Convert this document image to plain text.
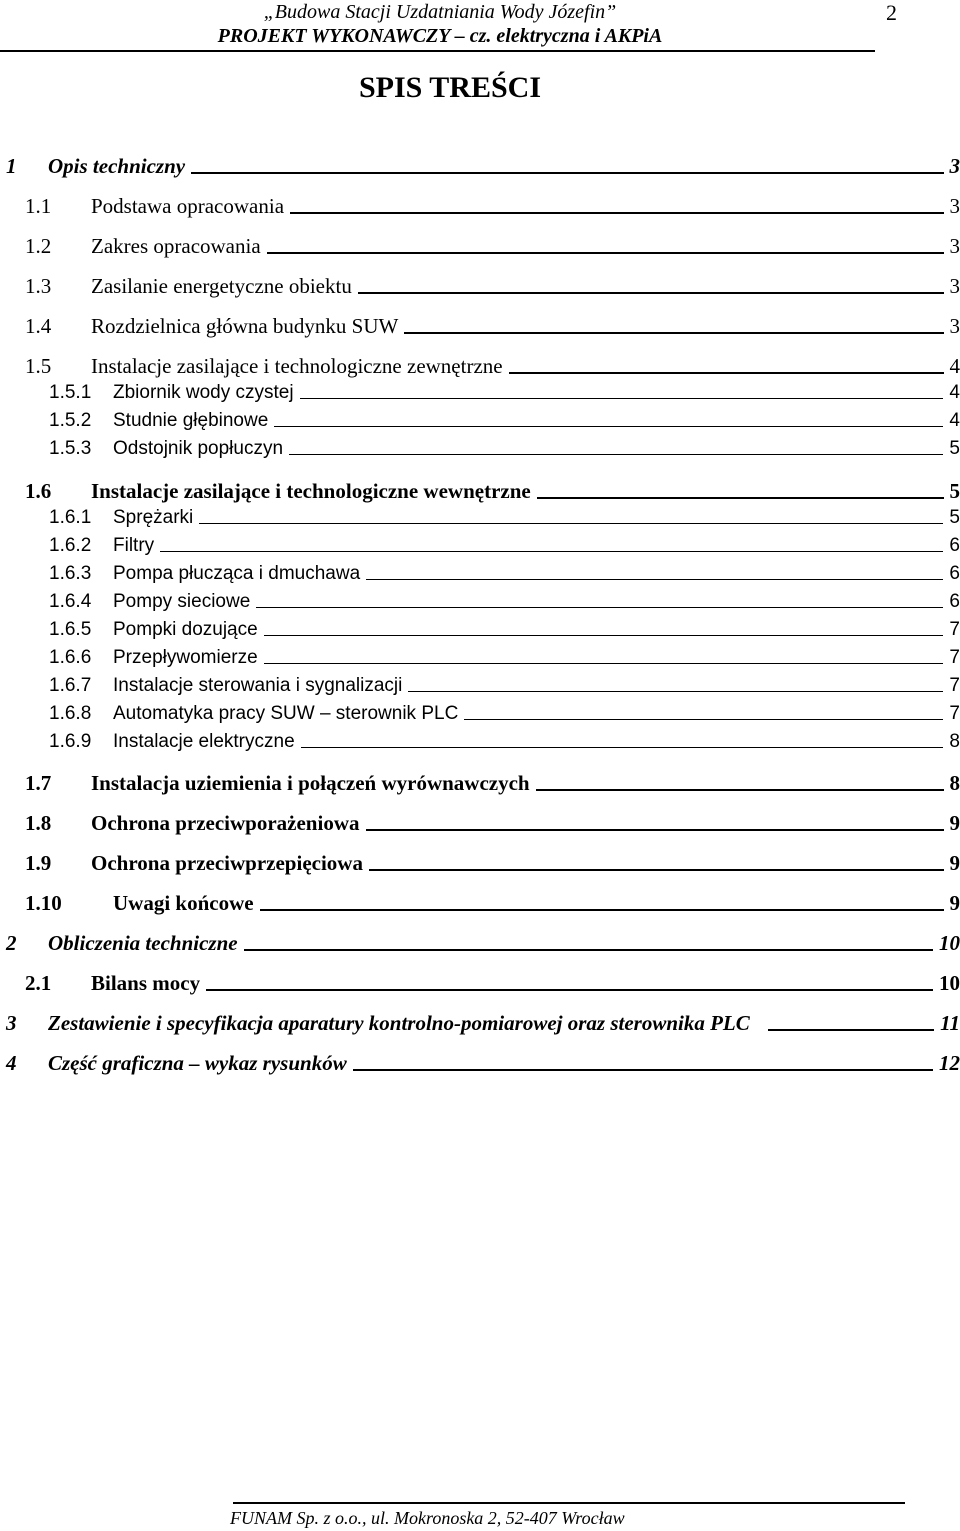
„Budowa Stacji Uzdatniania Wody Józefin”
PROJEKT WYKONAWCZY – cz. elektryczna i AKPiA
2
SPIS TREŚCI
1	Opis techniczny	3
1.1	Podstawa opracowania	3
1.2	Zakres opracowania	3
1.3	Zasilanie energetyczne obiektu	3
1.4	Rozdzielnica główna budynku SUW	3
1.5	Instalacje zasilające i technologiczne zewnętrzne	4
1.5.1	Zbiornik wody czystej	4
1.5.2	Studnie głębinowe	4
1.5.3	Odstojnik popłuczyn	5
1.6	Instalacje zasilające i technologiczne wewnętrzne	5
1.6.1	Sprężarki	5
1.6.2	Filtry	6
1.6.3	Pompa płucząca i dmuchawa	6
1.6.4	Pompy sieciowe	6
1.6.5	Pompki dozujące	7
1.6.6	Przepływomierze	7
1.6.7	Instalacje sterowania i sygnalizacji	7
1.6.8	Automatyka pracy SUW – sterownik PLC	7
1.6.9	Instalacje elektryczne	8
1.7	Instalacja uziemienia i połączeń wyrównawczych	8
1.8	Ochrona przeciwporażeniowa	9
1.9	Ochrona przeciwprzepięciowa	9
1.10	Uwagi końcowe	9
2	Obliczenia techniczne	10
2.1	Bilans mocy	10
3	Zestawienie i specyfikacja aparatury kontrolno-pomiarowej oraz sterownika PLC	11
4	Część graficzna – wykaz rysunków	12
FUNAM Sp. z o.o., ul. Mokronoska 2, 52-407 Wrocław
